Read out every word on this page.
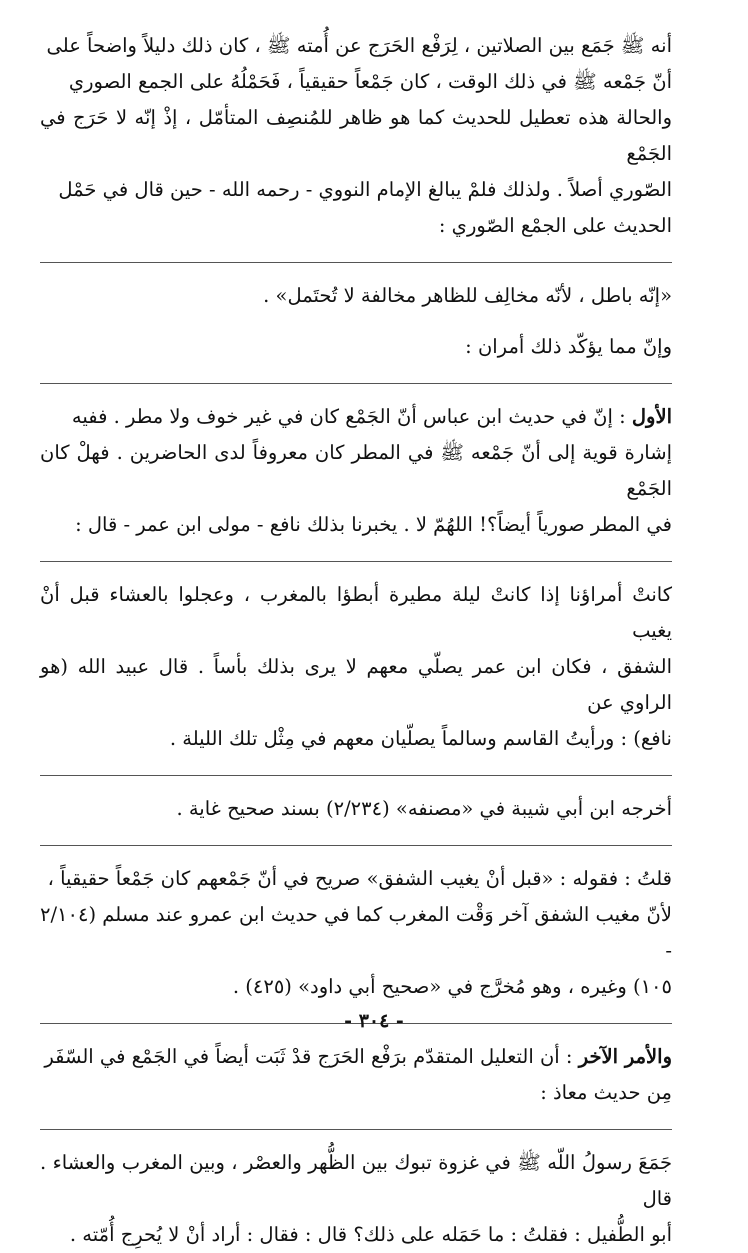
أنه ﷺ جَمَع بين الصلاتين ، لِرَفْع الحَرَج عن أُمته ﷺ ، كان ذلك دليلاً واضحاً على
أنّ جَمْعه ﷺ في ذلك الوقت ، كان جَمْعاً حقيقياً ، فَحَمْلُهُ على الجمع الصوري
والحالة هذه تعطيل للحديث كما هو ظاهر للمُنصِف المتأمّل ، إذْ إنّه لا حَرَج في الجَمْع
الصّوري أصلاً . ولذلك فلمْ يبالغ الإمام النووي - رحمه الله - حين قال في حَمْل
الحديث على الجمْع الصّوري :

«إنّه باطل ، لأنّه مخالِف للظاهر مخالفة لا تُحتَمل» .

وإنّ مما يؤكّد ذلك أمران :

الأول : إنّ في حديث ابن عباس أنّ الجَمْع كان في غير خوف ولا مطر . ففيه
إشارة قوية إلى أنّ جَمْعه ﷺ في المطر كان معروفاً لدى الحاضرين . فهلْ كان الجَمْع
في المطر صورياً أيضاً؟! اللهُمّ لا . يخبرنا بذلك نافع - مولى ابن عمر - قال :

كانتْ أمراؤنا إذا كانتْ ليلة مطيرة أبطؤا بالمغرب ، وعجلوا بالعشاء قبل أنْ يغيب
الشفق ، فكان ابن عمر يصلّي معهم لا يرى بذلك بأساً . قال عبيد الله (هو الراوي عن
نافع) : ورأيتُ القاسم وسالماً يصلّيان معهم في مِثْل تلك الليلة .

أخرجه ابن أبي شيبة في «مصنفه» (٢/٢٣٤) بسند صحيح غاية .

قلتُ : فقوله : «قبل أنْ يغيب الشفق» صريح في أنّ جَمْعهم كان جَمْعاً حقيقياً ،
لأنّ مغيب الشفق آخر وَقْت المغرب كما في حديث ابن عمرو عند مسلم (٢/١٠٤ -
١٠٥) وغيره ، وهو مُخرَّج في «صحيح أبي داود» (٤٢٥) .

والأمر الآخر : أن التعليل المتقدّم برَفْع الحَرَج قدْ ثَبَت أيضاً في الجَمْع في السّفَر
مِن حديث معاذ :

جَمَعَ رسولُ اللّه ﷺ في غزوة تبوك بين الظُّهر والعصْر ، وبين المغرب والعشاء . قال
أبو الطُّفيل : فقلتُ : ما حَمَله على ذلك؟ قال : فقال : أراد أنْ لا يُحرِج أُمّته .

- ٣٠٤ -
